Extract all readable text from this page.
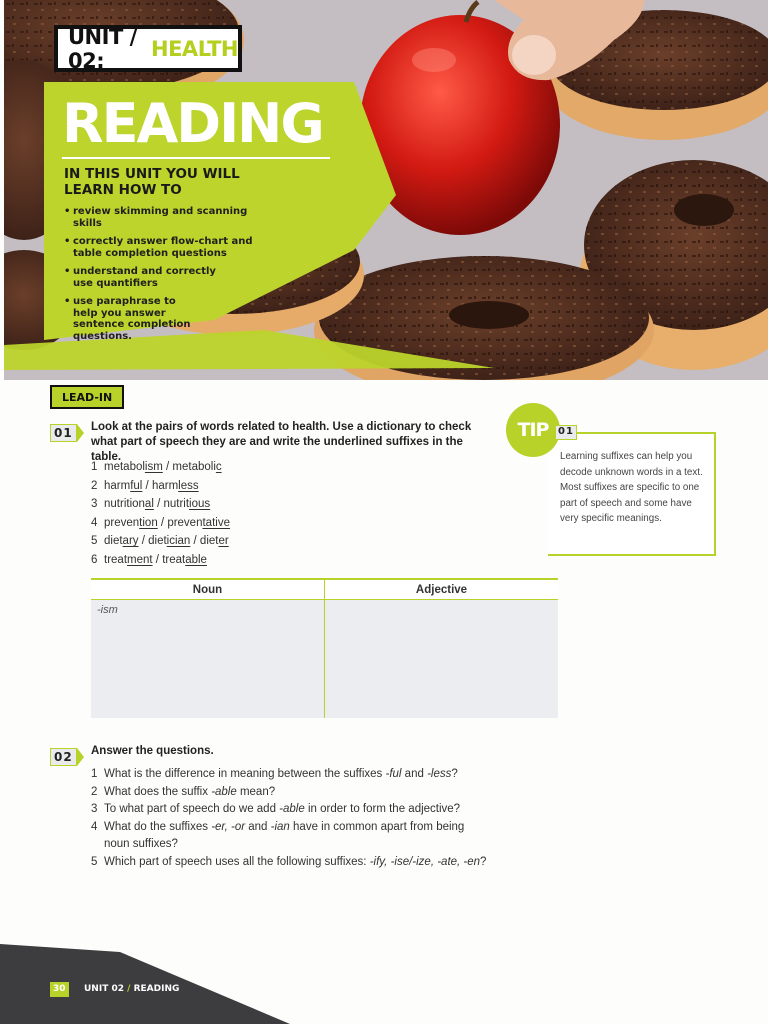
UNIT / 02:	HEALTH
READING
IN THIS UNIT YOU WILL LEARN HOW TO
• review skimming and scanning skills
• correctly answer flow-chart and table completion questions
• understand and correctly use quantifiers
• use paraphrase to help you answer sentence completion questions.
LEAD-IN
01	Look at the pairs of words related to health. Use a dictionary to check what part of speech they are and write the underlined suffixes in the table.
1 metabolism / metabolic
2 harmful / harmless
3 nutritional / nutritious
4 prevention / preventative
5 dietary / dietician / dieter
6 treatment / treatable
Noun	Adjective
-ism
TIP 01
Learning suffixes can help you decode unknown words in a text. Most suffixes are specific to one part of speech and some have very specific meanings.
02	Answer the questions.
1 What is the difference in meaning between the suffixes -ful and -less?
2 What does the suffix -able mean?
3 To what part of speech do we add -able in order to form the adjective?
4 What do the suffixes -er, -or and -ian have in common apart from being noun suffixes?
5 Which part of speech uses all the following suffixes: -ify, -ise/-ize, -ate, -en?
30	UNIT 02 / READING
